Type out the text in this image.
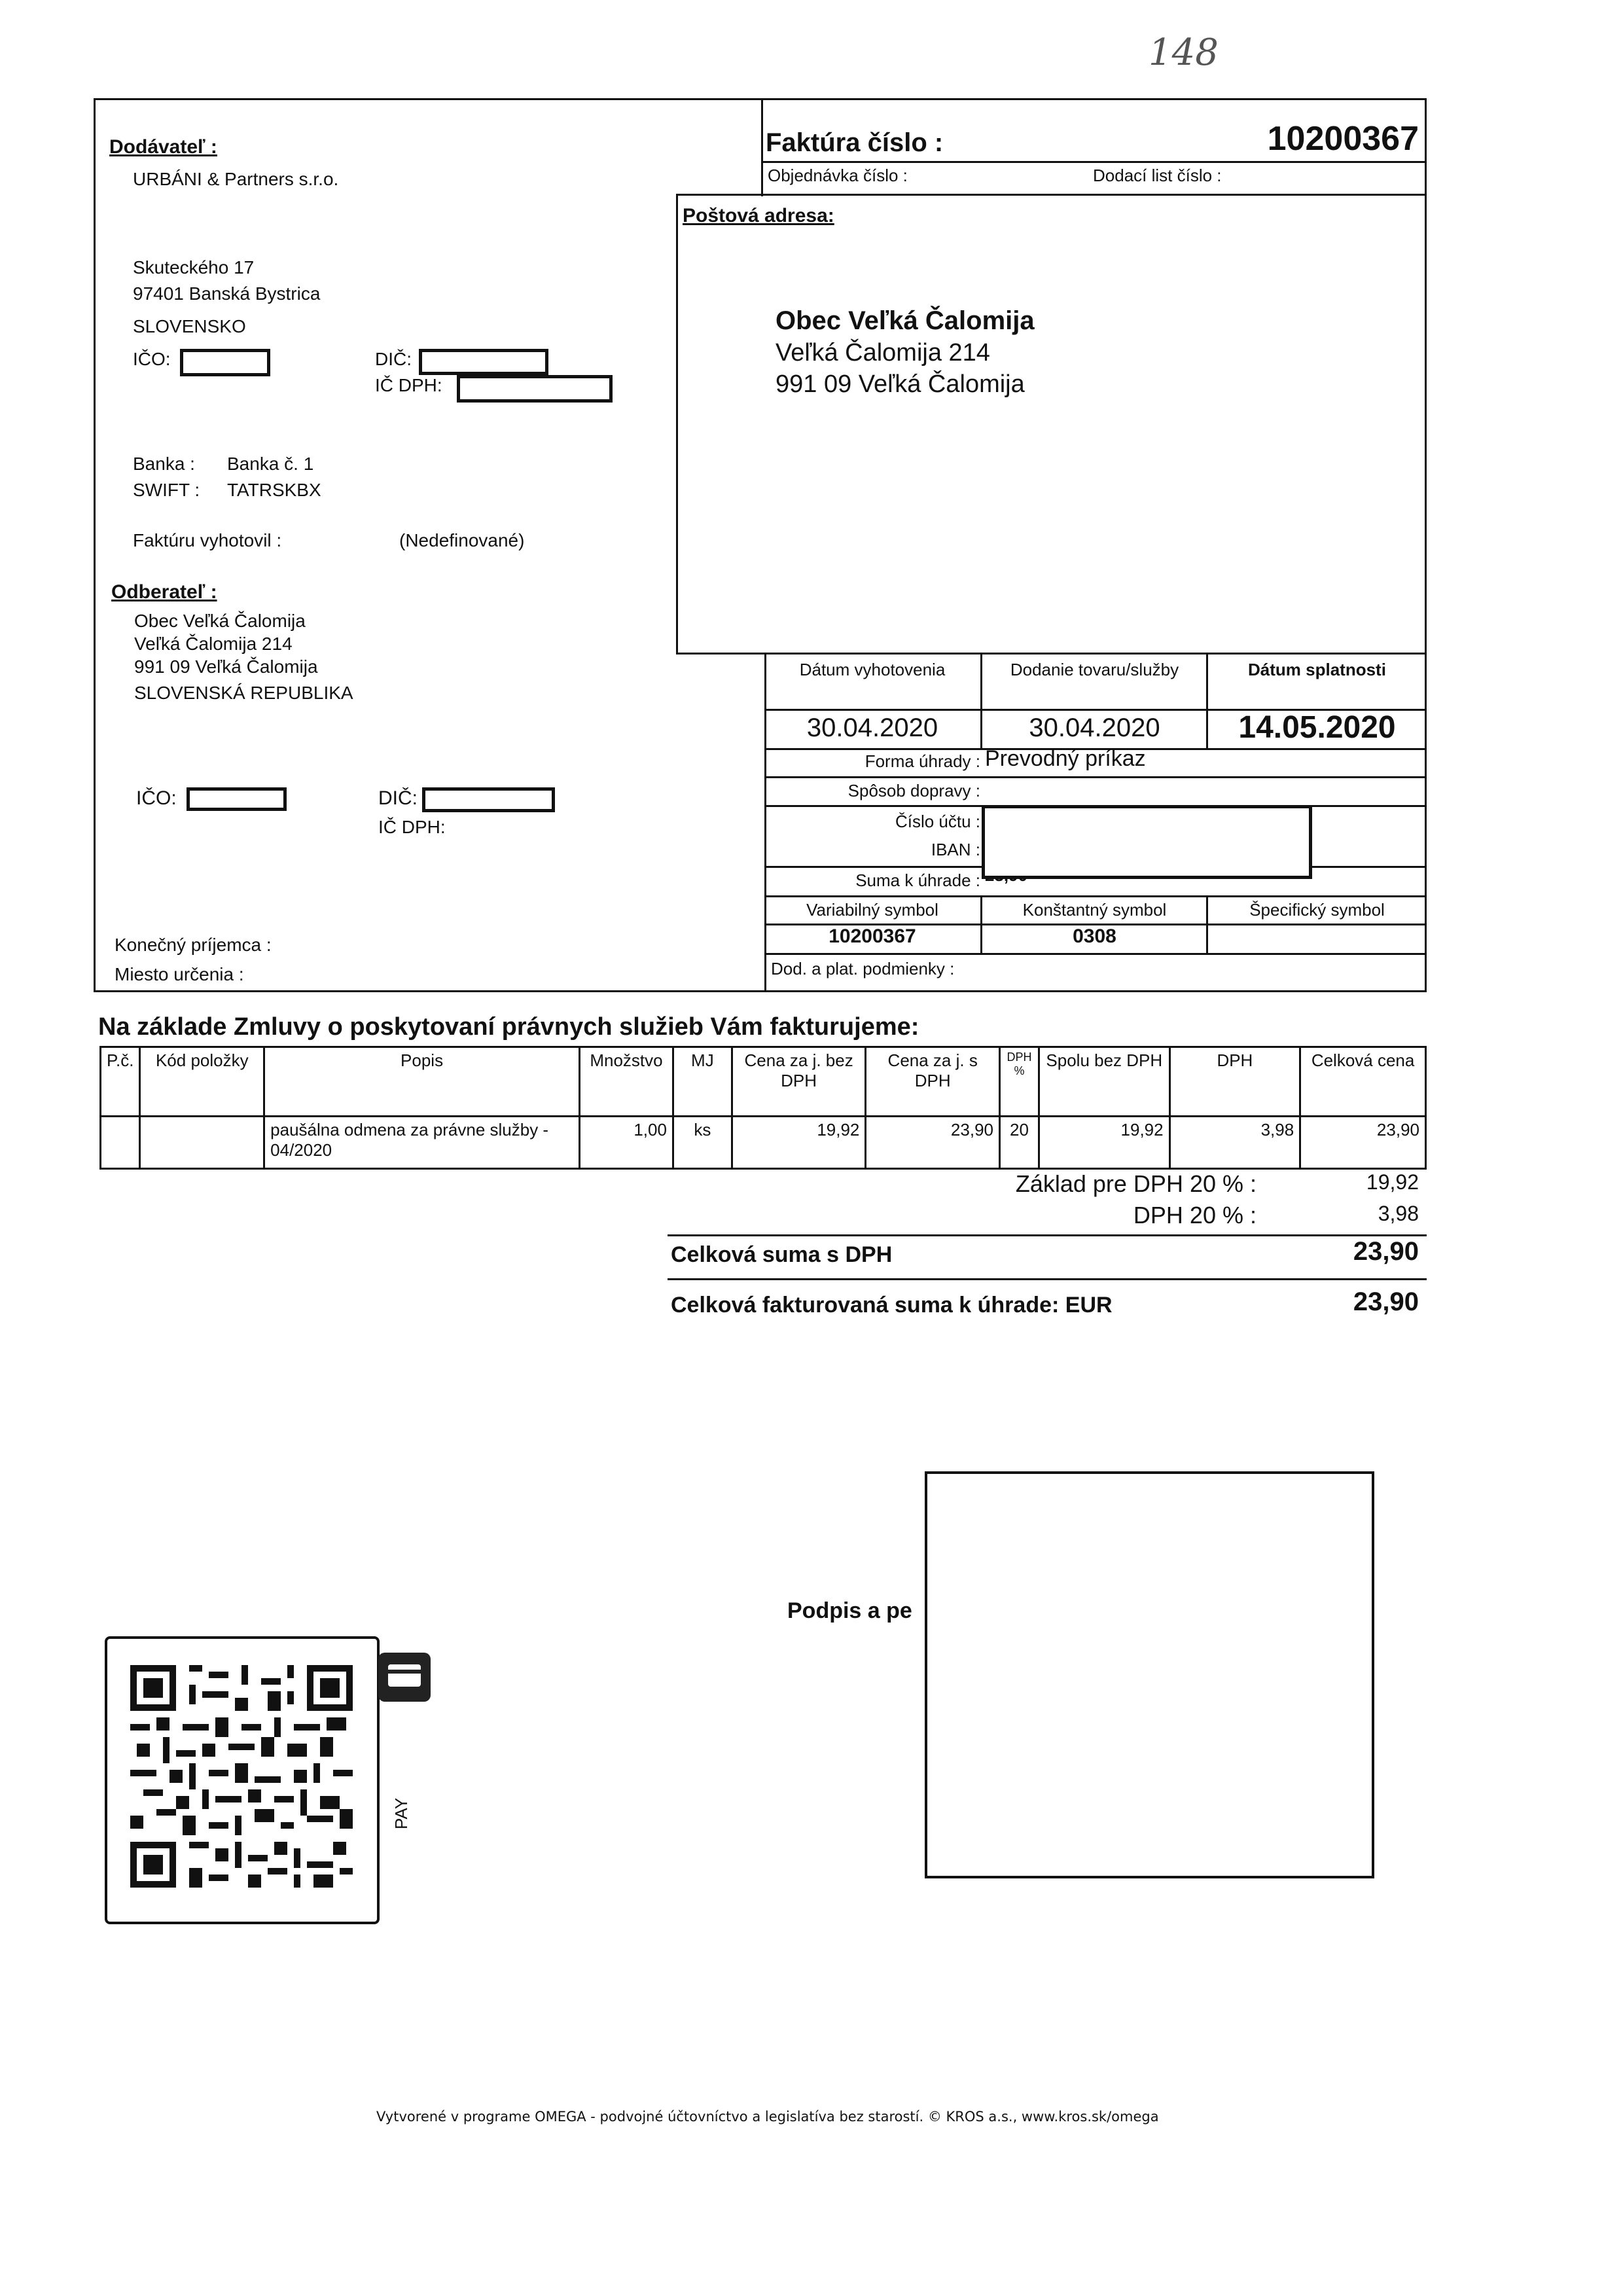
148
Dodávateľ :
URBÁNI & Partners s.r.o.
Skuteckého 17
97401 Banská Bystrica
SLOVENSKO
IČO:	DIČ:
IČ DPH:
Banka : Banka č. 1
SWIFT : TATRSKBX
Faktúru vyhotovil :	(Nedefinované)
Odberateľ :
Obec Veľká Čalomija
Veľká Čalomija 214
991 09 Veľká Čalomija
SLOVENSKÁ REPUBLIKA
IČO:	DIČ:
IČ DPH:
Konečný príjemca :
Miesto určenia :
Faktúra číslo :	10200367
Objednávka číslo :	Dodací list číslo :
Poštová adresa:
Obec Veľká Čalomija
Veľká Čalomija 214
991 09 Veľká Čalomija
Dátum vyhotovenia	Dodanie tovaru/služby	Dátum splatnosti
30.04.2020	30.04.2020	14.05.2020
Forma úhrady : Prevodný príkaz
Spôsob dopravy :
Číslo účtu :
IBAN :
Suma k úhrade :
Variabilný symbol	Konštantný symbol	Špecifický symbol
10200367	0308
Dod. a plat. podmienky :
Na základe Zmluvy o poskytovaní právnych služieb Vám fakturujeme:
P.č.	Kód položky	Popis	Množstvo	MJ	Cena za j. bez DPH	Cena za j. s DPH	DPH %	Spolu bez DPH	DPH	Celková cena
		paušálna odmena za právne služby - 04/2020	1,00	ks	19,92	23,90	20	19,92	3,98	23,90
Základ pre DPH 20 % :	19,92
DPH 20 % :	3,98
Celková suma s DPH	23,90
Celková fakturovaná suma k úhrade: EUR	23,90
Podpis a pe
PAY
Vytvorené v programe OMEGA - podvojné účtovníctvo a legislatíva bez starostí. © KROS a.s., www.kros.sk/omega
